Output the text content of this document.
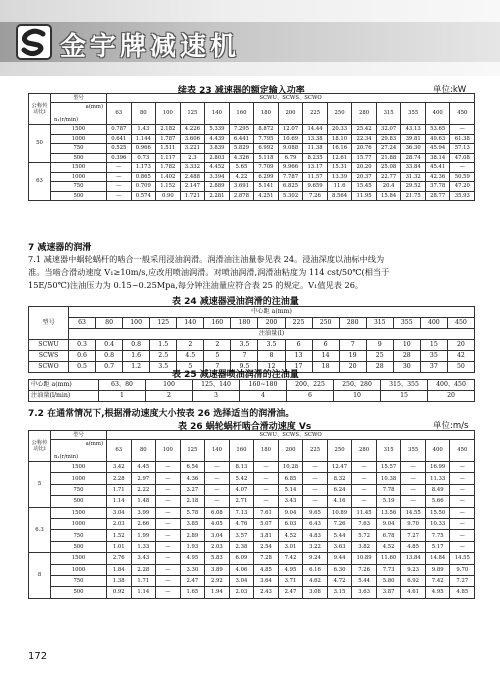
金宇牌减速机
续表 23 减速器的额定输入功率	单位:kW
公称传动比i	型号	SCWU、SCWS、SCWO														

	a(mm)
n₁(r/min)	63	80	100	125	140	160	180	200	225	250	280	315	355	400	450

50	1500	0.787	1.43	2.182	4.226	5.339	7.295	8.872	12.07	14.44	20.33	25.42	32.07	43.13	53.65	—
	1000	0.641	1.144	1.787	3.606	4.439	6.441	7.795	10.69	13.38	18.10	22.34	29.83	39.81	49.63	61.38
	750	0.525	0.966	1.511	3.221	3.839	5.829	6.992	9.088	11.38	16.16	20.76	27.24	36.30	45.94	57.13
	500	0.396	0.73	1.117	2.3	2.803	4.326	5.118	6.79	8.235	12.61	15.77	21.88	28.74	38.14	47.08
63	1500	—	1.173	1.782	3.332	4.452	5.65	7.709	9.966	13.17	15.31	20.20	25.08	33.84	45.41	—
	1000	—	0.865	1.402	2.488	3.394	4.22	6.299	7.787	11.57	13.39	20.37	22.77	31.32	42.36	50.59
	750	—	0.709	1.152	2.147	2.889	3.691	5.141	6.825	9.659	11.6	15.45	20.4	29.52	37.78	47.20
	500	—	0.574	0.90	1.721	2.281	2.878	4.251	5.302	7.26	8.564	11.95	15.84	21.75	28.77	35.93
7 减速器的润滑
7.1 减速器中蜗轮蜗杆的啮合一般采用浸油润滑。润滑油注油量参见表 24。浸油深度以油标中线为
准。当啮合滑动速度 V₁≥10m/s,应改用喷油润滑。对喷油润滑,润滑油粘度为 114 cst/50℃(相当于
15E/50℃)注油压力为 0.15~0.25Mpa,每分钟注油量应符合表 25 的规定。V₁值见表 26。
表 24 减速器浸油润滑的注油量
型号	中心距 a(mm)														
	63	80	100	125	140	160	180	200	225	250	280	315	355	400	450
	注油量(l)														
SCWU	0.3	0.4	0.8	1.5	2	2	3.5	3.5	6	6	7	9	10	15	20
SCWS	0.6	0.8	1.6	2.5	4.5	5	7	8	13	14	19	25	28	35	42
SCWO	0.5	0.7	1.2	3.5	5	7	9.5	12	17	18	20	28	30	37	50
表 25 减速器喷油润滑的注油量
中心距 a(mm)	63、80	100	125、140	160~180	200、225	250、280	315、355	400、450
注油量(l/min)	1	2	3	4	6	10	15	20
7.2 在通常情况下,根据滑动速度大小按表 26 选择适当的润滑油。
表 26 蜗轮蜗杆啮合滑动速度 Vs	单位:m/s
公称传动比i	型号	SCWU、SCWS、SCWO														

	a(mm)
n₁(r/min)	63	80	100	125	140	160	180	200	225	250	280	315	355	400	450

5	1500	3.42	4.45	—	6.54	—	8.13	—	10.28	—	12.47	—	15.57	—	16.99	—
	1000	2.28	2.97	—	4.36	—	5.42	—	6.85	—	8.32	—	10.38	—	11.33	—
	750	1.71	2.22	—	3.27	—	4.07	—	5.14	—	6.24	—	7.78	—	8.49	—
	500	1.14	1.48	—	2.18	—	2.71	—	3.43	—	4.16	—	5.19	—	5.66	—
6.3	1500	3.04	3.99	—	5.78	6.08	7.13	7.61	9.04	9.65	10.89	11.45	13.56	14.55	15.50	—
	1000	2.03	2.66	—	3.85	4.05	4.76	5.07	6.03	6.43	7.26	7.63	9.04	9.70	10.33	—
	750	1.52	1.99	—	2.89	3.04	3.57	3.81	4.52	4.83	5.44	5.72	6.78	7.27	7.75	—
	500	1.01	1.33	—	1.93	2.03	2.38	2.54	3.01	3.22	3.63	3.82	4.52	4.85	5.17	—
8	1500	2.76	3.43	—	4.95	5.83	6.09	7.28	7.42	9.24	9.44	10.89	11.60	13.84	14.84	14.55
	1000	1.84	2.28	—	3.30	3.89	4.06	4.85	4.95	6.16	6.30	7.26	7.73	9.23	9.89	9.70
	750	1.38	1.71	—	2.47	2.92	3.04	3.64	3.71	4.62	4.72	5.44	5.80	6.92	7.42	7.27
	500	0.92	1.14	—	1.65	1.94	2.03	2.43	2.47	3.08	3.15	3.63	3.87	4.61	4.95	4.85
172
